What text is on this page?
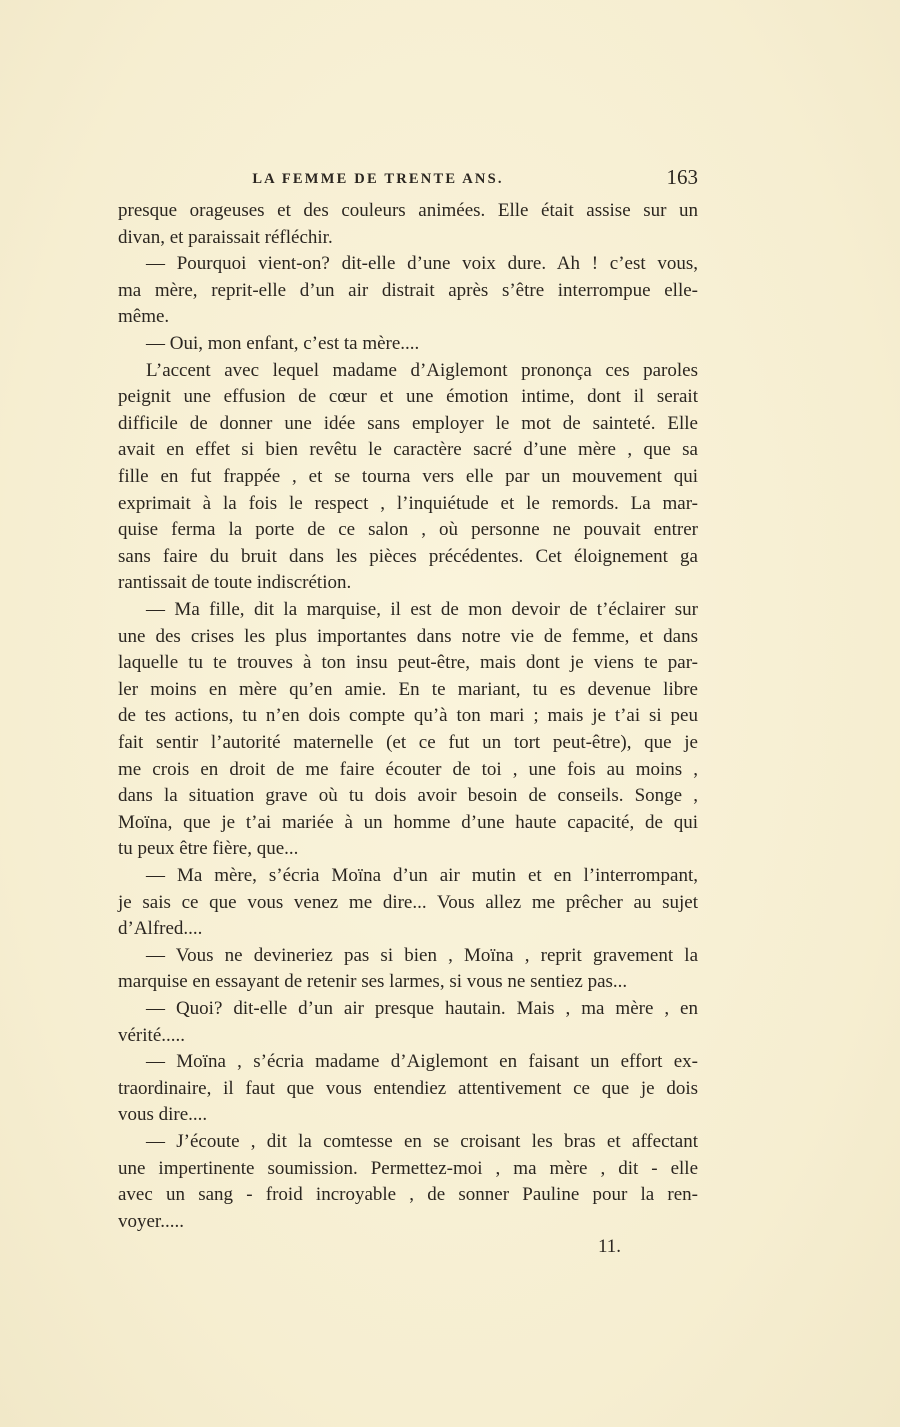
LA FEMME DE TRENTE ANS.	163
presque orageuses et des couleurs animées. Elle était assise sur un
divan, et paraissait réfléchir.
— Pourquoi vient-on? dit-elle d’une voix dure. Ah ! c’est vous,
ma mère, reprit-elle d’un air distrait après s’être interrompue elle-
même.
— Oui, mon enfant, c’est ta mère....
L’accent avec lequel madame d’Aiglemont prononça ces paroles
peignit une effusion de cœur et une émotion intime, dont il serait
difficile de donner une idée sans employer le mot de sainteté. Elle
avait en effet si bien revêtu le caractère sacré d’une mère , que sa
fille en fut frappée , et se tourna vers elle par un mouvement qui
exprimait à la fois le respect , l’inquiétude et le remords. La mar-
quise ferma la porte de ce salon , où personne ne pouvait entrer
sans faire du bruit dans les pièces précédentes. Cet éloignement ga
rantissait de toute indiscrétion.
— Ma fille, dit la marquise, il est de mon devoir de t’éclairer sur
une des crises les plus importantes dans notre vie de femme, et dans
laquelle tu te trouves à ton insu peut-être, mais dont je viens te par-
ler moins en mère qu’en amie. En te mariant, tu es devenue libre
de tes actions, tu n’en dois compte qu’à ton mari ; mais je t’ai si peu
fait sentir l’autorité maternelle (et ce fut un tort peut-être), que je
me crois en droit de me faire écouter de toi , une fois au moins ,
dans la situation grave où tu dois avoir besoin de conseils. Songe ,
Moïna, que je t’ai mariée à un homme d’une haute capacité, de qui
tu peux être fière, que...
— Ma mère, s’écria Moïna d’un air mutin et en l’interrompant,
je sais ce que vous venez me dire... Vous allez me prêcher au sujet
d’Alfred....
— Vous ne devineriez pas si bien , Moïna , reprit gravement la
marquise en essayant de retenir ses larmes, si vous ne sentiez pas...
— Quoi? dit-elle d’un air presque hautain. Mais , ma mère , en
vérité.....
— Moïna , s’écria madame d’Aiglemont en faisant un effort ex-
traordinaire, il faut que vous entendiez attentivement ce que je dois
vous dire....
— J’écoute , dit la comtesse en se croisant les bras et affectant
une impertinente soumission. Permettez-moi , ma mère , dit - elle
avec un sang - froid incroyable , de sonner Pauline pour la ren-
voyer.....
11.
